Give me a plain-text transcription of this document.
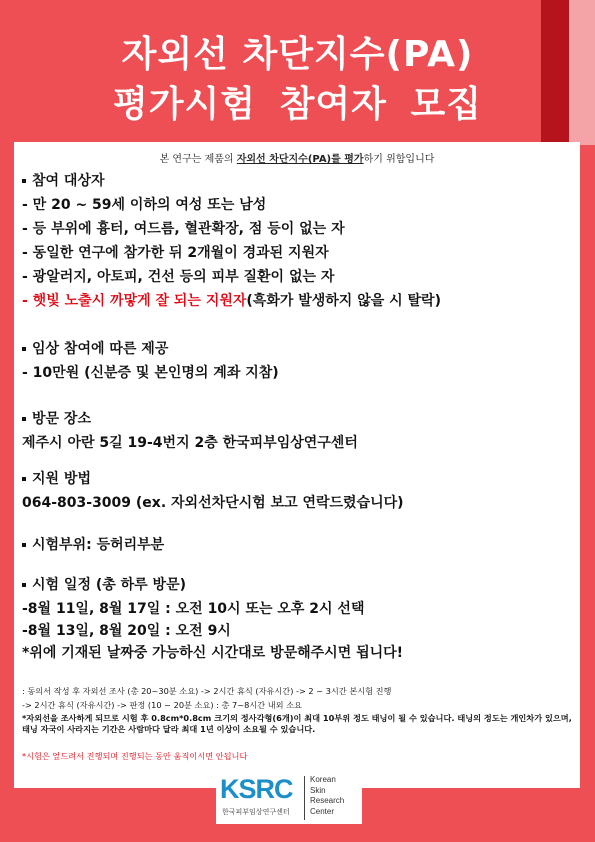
자외선 차단지수(PA)
평가시험 참여자 모집
본 연구는 제품의 자외선 차단지수(PA)를 평가하기 위함입니다
참여 대상자
- 만 20 ~ 59세 이하의 여성 또는 남성
- 등 부위에 흉터, 여드름, 혈관확장, 점 등이 없는 자
- 동일한 연구에 참가한 뒤 2개월이 경과된 지원자
- 광알러지, 아토피, 건선 등의 피부 질환이 없는 자
- 햇빛 노출시 까맣게 잘 되는 지원자(흑화가 발생하지 않을 시 탈락)
임상 참여에 따른 제공
- 10만원 (신분증 및 본인명의 계좌 지참)
방문 장소
제주시 아란 5길 19-4번지 2층 한국피부임상연구센터
지원 방법
064-803-3009 (ex. 자외선차단시험 보고 연락드렸습니다)
시험부위: 등허리부분
시험 일정 (총 하루 방문)
-8월 11일, 8월 17일 : 오전 10시 또는 오후 2시 선택
-8월 13일, 8월 20일 : 오전 9시
*위에 기재된 날짜중 가능하신 시간대로 방문해주시면 됩니다!
: 동의서 작성 후 자외선 조사 (총 20~30분 소요) -> 2시간 휴식 (자유시간) -> 2 ~ 3시간 본시험 진행
-> 2시간 휴식 (자유시간) -> 판정 (10 ~ 20분 소요) : 총 7~8시간 내외 소요
*자외선을 조사하게 되므로 시험 후 0.8cm*0.8cm 크기의 정사각형(6개)이 최대 10부위 정도 태닝이 될 수 있습니다. 태닝의 정도는 개인차가 있으며, 태닝 자국이 사라지는 기간은 사람마다 달라 최대 1년 이상이 소요될 수 있습니다.
*시험은 엎드려서 진행되며 진행되는 동안 움직이시면 안됩니다
KSRC
한국피부임상연구센터
Korean
Skin
Research
Center
